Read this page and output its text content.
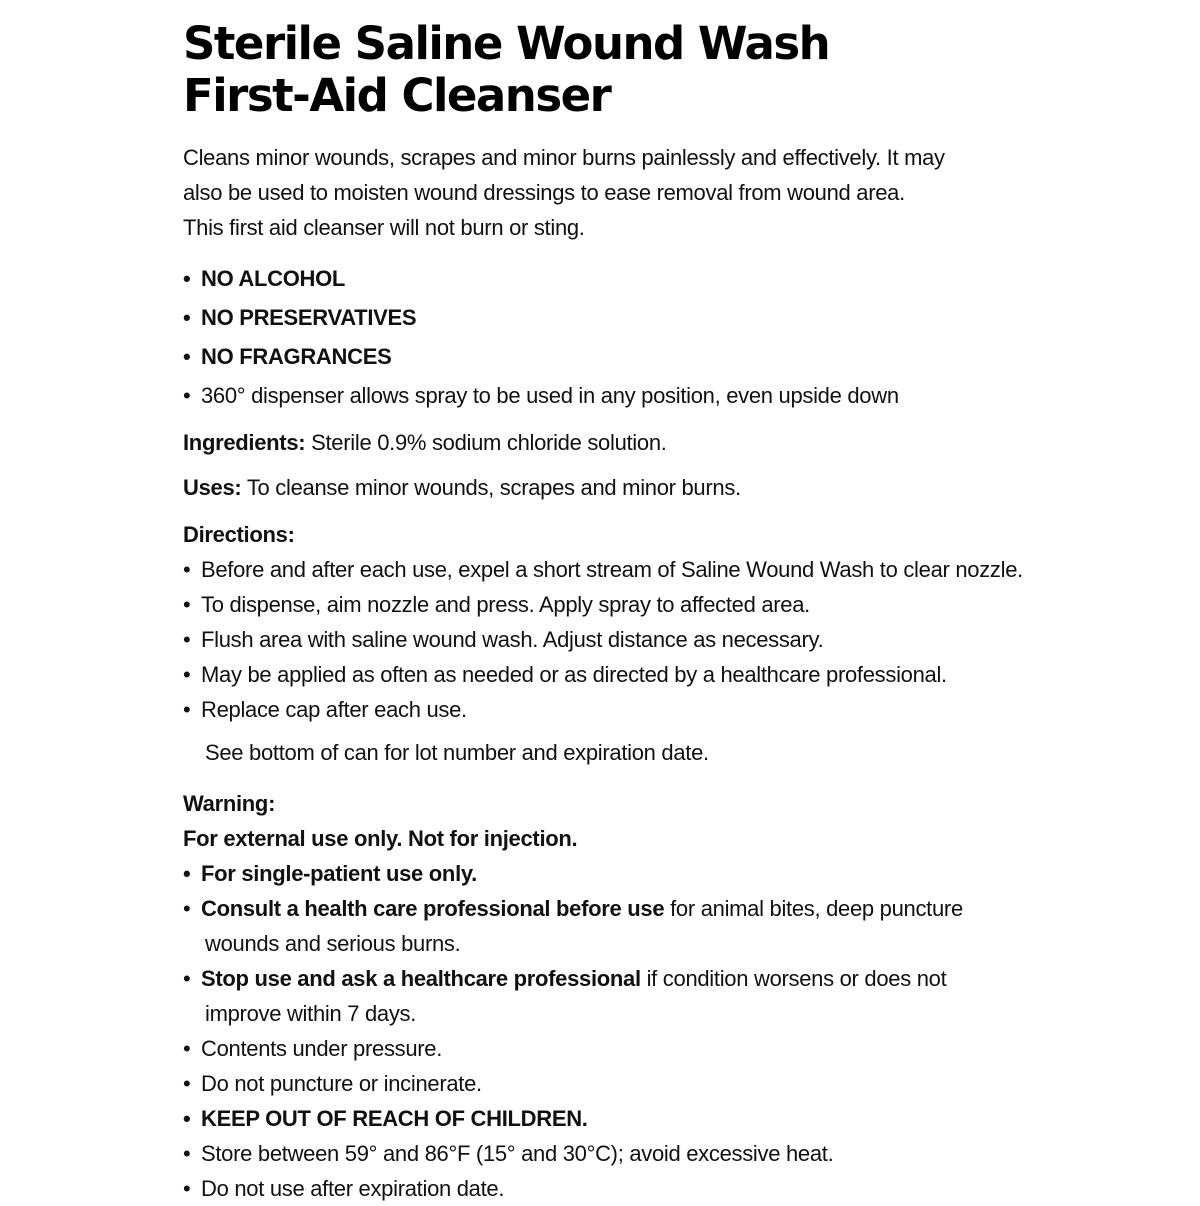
Sterile Saline Wound Wash
First-Aid Cleanser
Cleans minor wounds, scrapes and minor burns painlessly and effectively. It may
also be used to moisten wound dressings to ease removal from wound area.
This first aid cleanser will not burn or sting.
• NO ALCOHOL
• NO PRESERVATIVES
• NO FRAGRANCES
• 360° dispenser allows spray to be used in any position, even upside down

Ingredients: Sterile 0.9% sodium chloride solution.

Uses: To cleanse minor wounds, scrapes and minor burns.

Directions:

• Before and after each use, expel a short stream of Saline Wound Wash to clear nozzle.
• To dispense, aim nozzle and press. Apply spray to affected area.
• Flush area with saline wound wash. Adjust distance as necessary.
• May be applied as often as needed or as directed by a healthcare professional.
• Replace cap after each use.

See bottom of can for lot number and expiration date.

Warning:

For external use only. Not for injection.

• For single-patient use only.
• Consult a health care professional before use for animal bites, deep puncture
wounds and serious burns.
• Stop use and ask a healthcare professional if condition worsens or does not
improve within 7 days.
• Contents under pressure.
• Do not puncture or incinerate.
• KEEP OUT OF REACH OF CHILDREN.
• Store between 59° and 86°F (15° and 30°C); avoid excessive heat.
• Do not use after expiration date.
